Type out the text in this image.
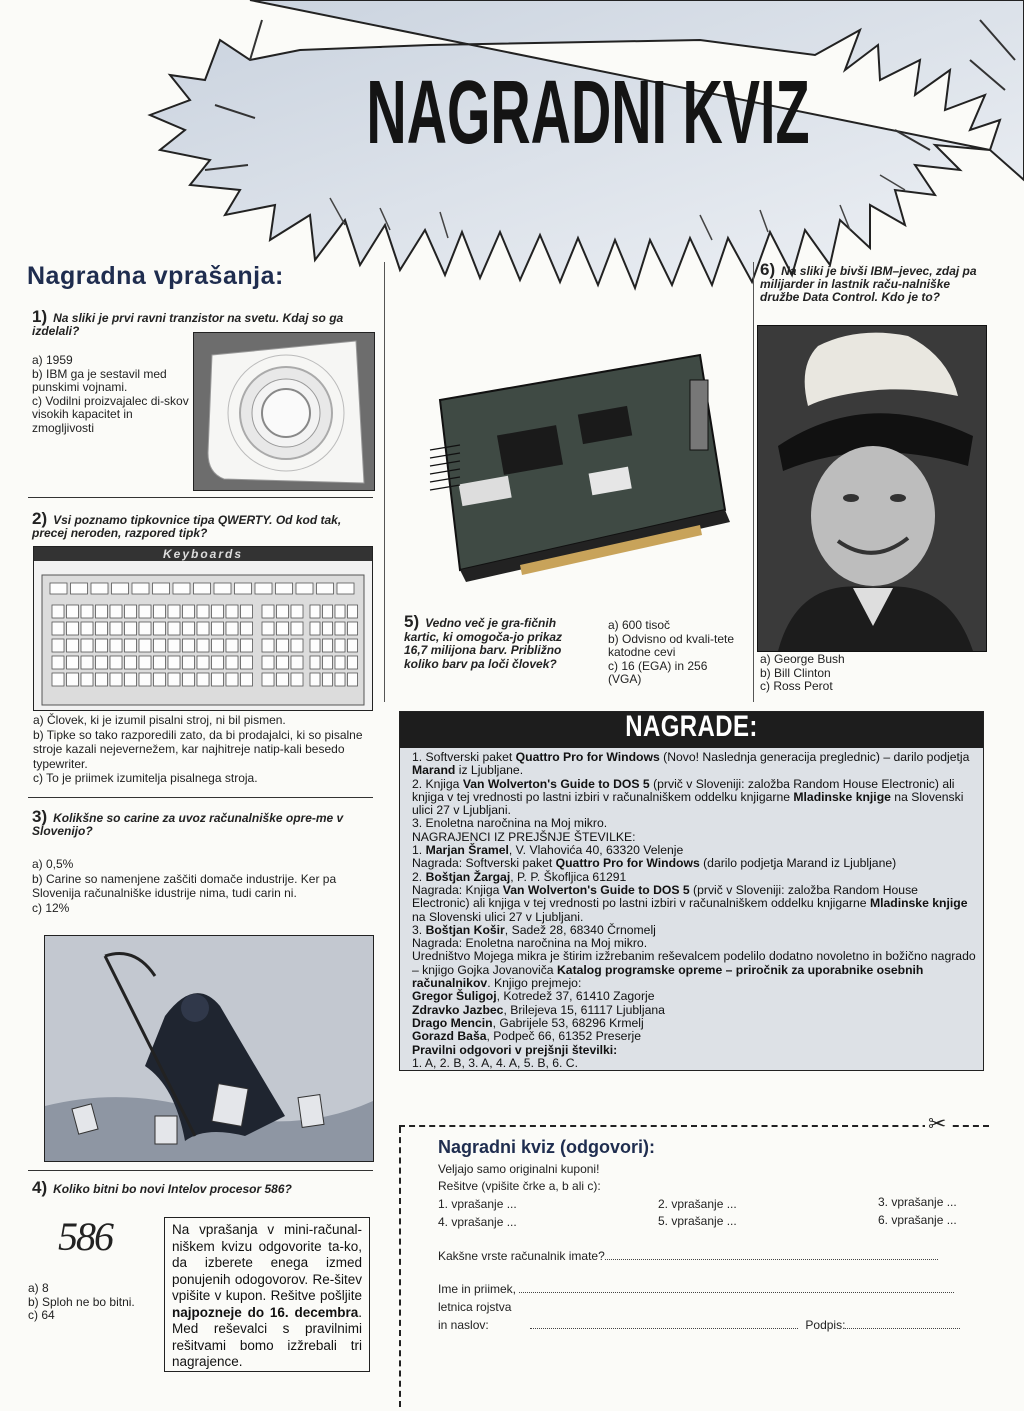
NAGRADNI KVIZ
Nagradna vprašanja:
1) Na sliki je prvi ravni tranzistor na svetu. Kdaj so ga izdelali?
a) 1959
b) IBM ga je sestavil med punskimi vojnami.
c) Vodilni proizvajalec di-skov visokih kapacitet in zmogljivosti
2) Vsi poznamo tipkovnice tipa QWERTY. Od kod tak, precej neroden, razpored tipk?
Keyboards
a) Človek, ki je izumil pisalni stroj, ni bil pismen.
b) Tipke so tako razporedili zato, da bi prodajalci, ki so pisalne stroje kazali nejevernežem, kar najhitreje natip-kali besedo typewriter.
c) To je priimek izumitelja pisalnega stroja.
3) Kolikšne so carine za uvoz računalniške opre-me v Slovenijo?
a) 0,5%
b) Carine so namenjene zaščiti domače industrije. Ker pa Slovenija računalniške idustrije nima, tudi carin ni.
c) 12%
4) Koliko bitni bo novi Intelov procesor 586?
586
a) 8
b) Sploh ne bo bitni.
c) 64
Na vprašanja v mini-računal-niškem kvizu odgovorite ta-ko, da izberete enega izmed ponujenih odogovorov. Re-šitev vpišite v kupon. Rešitve pošljite najpozneje do 16. decembra. Med reševalci s pravilnimi rešitvami bomo izžrebali tri nagrajence.
5) Vedno več je gra-fičnih kartic, ki omogoča-jo prikaz 16,7 milijona barv. Približno koliko barv pa loči človek?
a) 600 tisoč
b) Odvisno od kvali-tete katodne cevi
c) 16 (EGA) in 256 (VGA)
6) Na sliki je bivši IBM–jevec, zdaj pa milijarder in lastnik raču-nalniške družbe Data Control. Kdo je to?
a) George Bush
b) Bill Clinton
c) Ross Perot
NAGRADE:
1. Softverski paket Quattro Pro for Windows (Novo! Naslednja generacija preglednic) – darilo podjetja Marand iz Ljubljane.
2. Knjiga Van Wolverton's Guide to DOS 5 (prvič v Sloveniji: založba Random House Electronic) ali knjiga v tej vrednosti po lastni izbiri v računalniškem oddelku knjigarne Mladinske knjige na Slovenski ulici 27 v Ljubljani.
3. Enoletna naročnina na Moj mikro.
NAGRAJENCI IZ PREJŠNJE ŠTEVILKE:
1. Marjan Šramel, V. Vlahovića 40, 63320 Velenje
Nagrada: Softverski paket Quattro Pro for Windows (darilo podjetja Marand iz Ljubljane)
2. Boštjan Žargaj, P. P. Škofljica 61291
Nagrada: Knjiga Van Wolverton's Guide to DOS 5 (prvič v Sloveniji: založba Random House Electronic) ali knjiga v tej vrednosti po lastni izbiri v računalniškem oddelku knjigarne Mladinske knjige na Slovenski ulici 27 v Ljubljani.
3. Boštjan Košir, Sadež 28, 68340 Črnomelj
Nagrada: Enoletna naročnina na Moj mikro.
Uredništvo Mojega mikra je štirim izžrebanim reševalcem podelilo dodatno novoletno in božično nagrado – knjigo Gojka Jovanoviča Katalog programske opreme – priročnik za uporabnike osebnih računalnikov. Knjigo prejmejo:
Gregor Šuligoj, Kotredež 37, 61410 Zagorje
Zdravko Jazbec, Brilejeva 15, 61117 Ljubljana
Drago Mencin, Gabrijele 53, 68296 Krmelj
Gorazd Baša, Podpeč 66, 61352 Preserje
Pravilni odgovori v prejšnji številki:
1. A, 2. B, 3. A, 4. A, 5. B, 6. C.
✂
Nagradni kviz (odgovori):
Veljajo samo originalni kuponi!
Rešitve (vpišite črke a, b ali c):
1. vprašanje ...	2. vprašanje ...	3. vprašanje ...
4. vprašanje ...	5. vprašanje ...	6. vprašanje ...
Kakšne vrste računalnik imate?
Ime in priimek,
letnica rojstva
in naslov:	Podpis:
